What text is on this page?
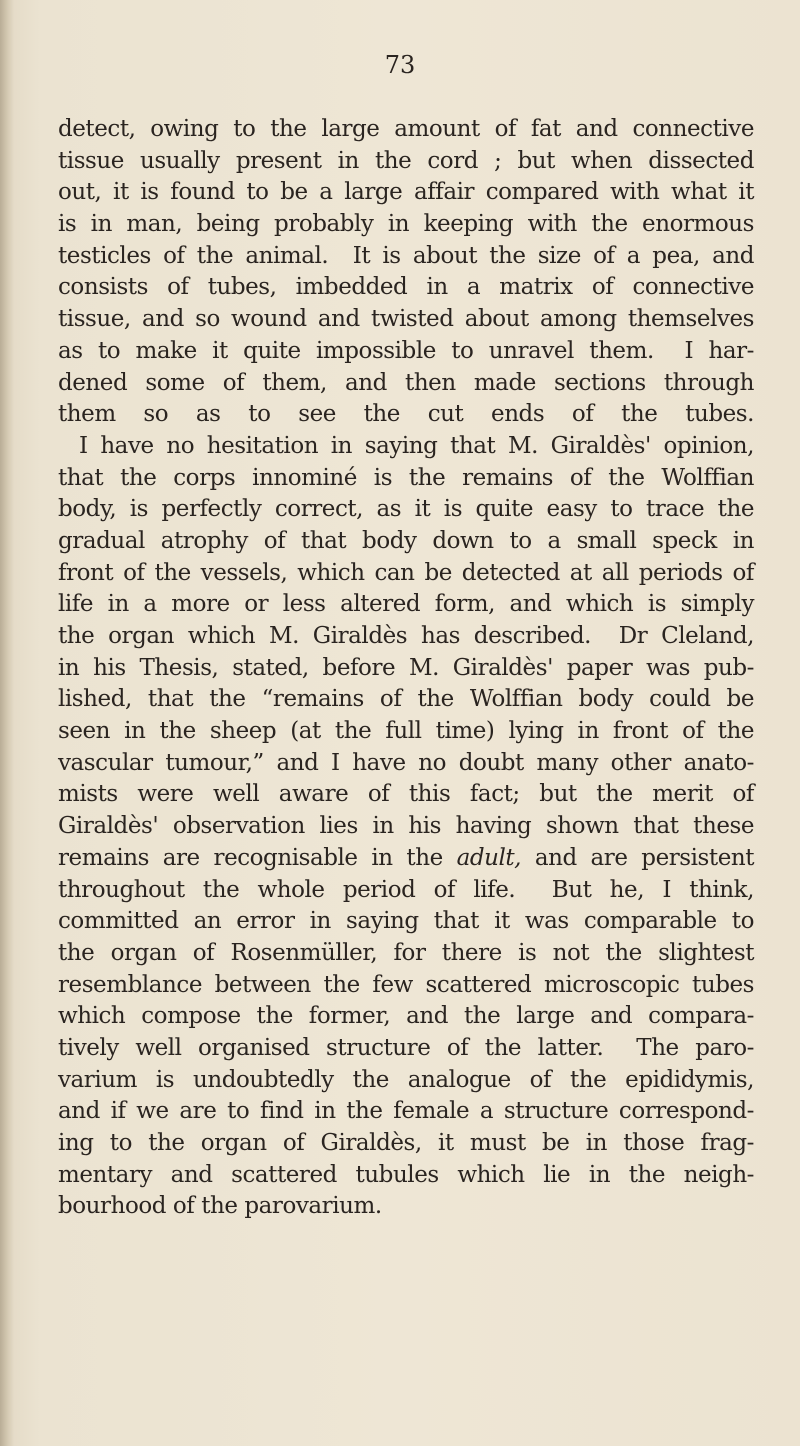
73
detect, owing to the large amount of fat and connective
tissue usually present in the cord ; but when dissected
out, it is found to be a large affair compared with what it
is in man, being probably in keeping with the enormous
testicles of the animal.  It is about the size of a pea, and
consists of tubes, imbedded in a matrix of connective
tissue, and so wound and twisted about among themselves
as to make it quite impossible to unravel them.  I har-
dened some of them, and then made sections through
them so as to see the cut ends of the tubes.
I have no hesitation in saying that M. Giraldès' opinion,
that the corps innominé is the remains of the Wolffian
body, is perfectly correct, as it is quite easy to trace the
gradual atrophy of that body down to a small speck in
front of the vessels, which can be detected at all periods of
life in a more or less altered form, and which is simply
the organ which M. Giraldès has described.  Dr Cleland,
in his Thesis, stated, before M. Giraldès' paper was pub-
lished, that the “remains of the Wolffian body could be
seen in the sheep (at the full time) lying in front of the
vascular tumour,” and I have no doubt many other anato-
mists were well aware of this fact; but the merit of
Giraldès' observation lies in his having shown that these
remains are recognisable in the adult, and are persistent
throughout the whole period of life.  But he, I think,
committed an error in saying that it was comparable to
the organ of Rosenmüller, for there is not the slightest
resemblance between the few scattered microscopic tubes
which compose the former, and the large and compara-
tively well organised structure of the latter.  The paro-
varium is undoubtedly the analogue of the epididymis,
and if we are to find in the female a structure correspond-
ing to the organ of Giraldès, it must be in those frag-
mentary and scattered tubules which lie in the neigh-
bourhood of the parovarium.
